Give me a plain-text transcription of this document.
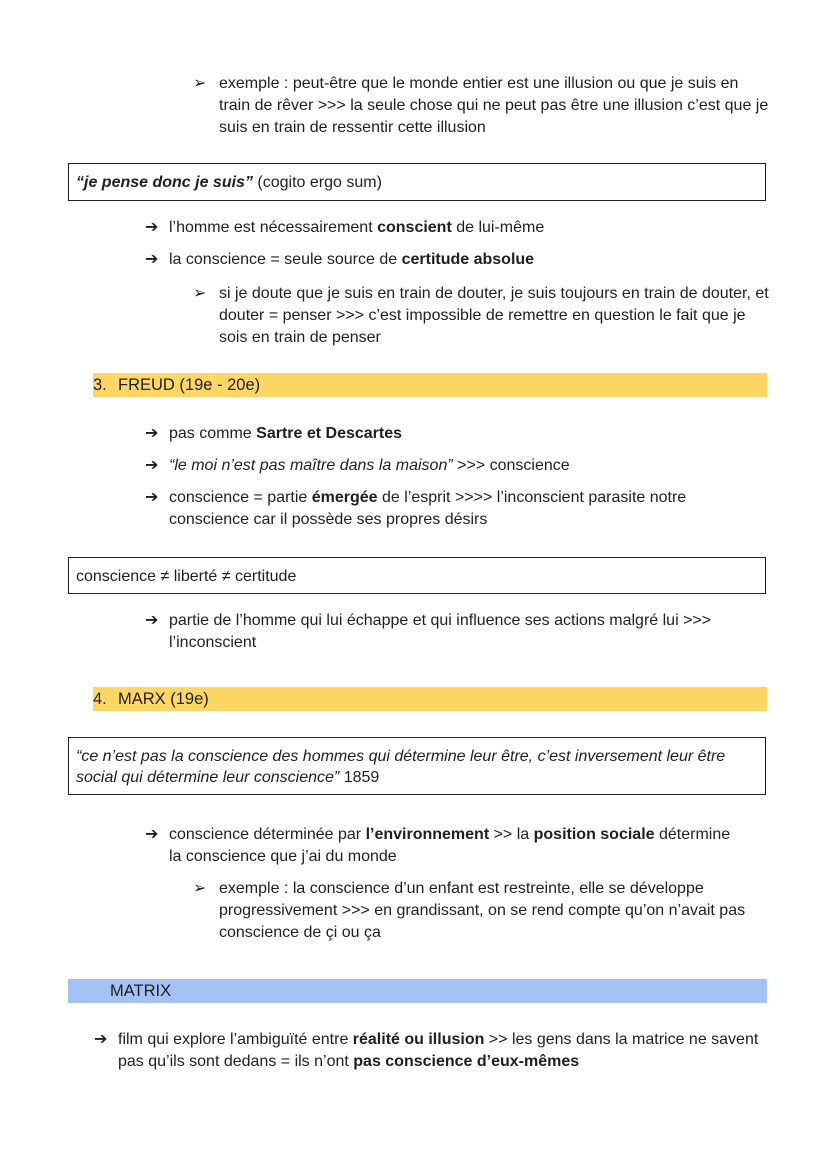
➢ exemple : peut-être que le monde entier est une illusion ou que je suis en train de rêver >>> la seule chose qui ne peut pas être une illusion c’est que je suis en train de ressentir cette illusion
“je pense donc je suis” (cogito ergo sum)
➔ l’homme est nécessairement conscient de lui-même
➔ la conscience = seule source de certitude absolue
➢ si je doute que je suis en train de douter, je suis toujours en train de douter, et douter = penser >>> c’est impossible de remettre en question le fait que je sois en train de penser
3. FREUD (19e - 20e)
➔ pas comme Sartre et Descartes
➔ “le moi n’est pas maître dans la maison” >>> conscience
➔ conscience = partie émergée de l’esprit >>>> l’inconscient parasite notre conscience car il possède ses propres désirs
conscience ≠ liberté ≠ certitude
➔ partie de l’homme qui lui échappe et qui influence ses actions malgré lui >>> l’inconscient
4. MARX (19e)
“ce n’est pas la conscience des hommes qui détermine leur être, c’est inversement leur être social qui détermine leur conscience” 1859
➔ conscience déterminée par l’environnement >> la position sociale détermine la conscience que j’ai du monde
➢ exemple : la conscience d’un enfant est restreinte, elle se développe progressivement >>> en grandissant, on se rend compte qu’on n’avait pas conscience de çi ou ça
MATRIX
➔ film qui explore l’ambiguïté entre réalité ou illusion >> les gens dans la matrice ne savent pas qu’ils sont dedans = ils n’ont pas conscience d’eux-mêmes
